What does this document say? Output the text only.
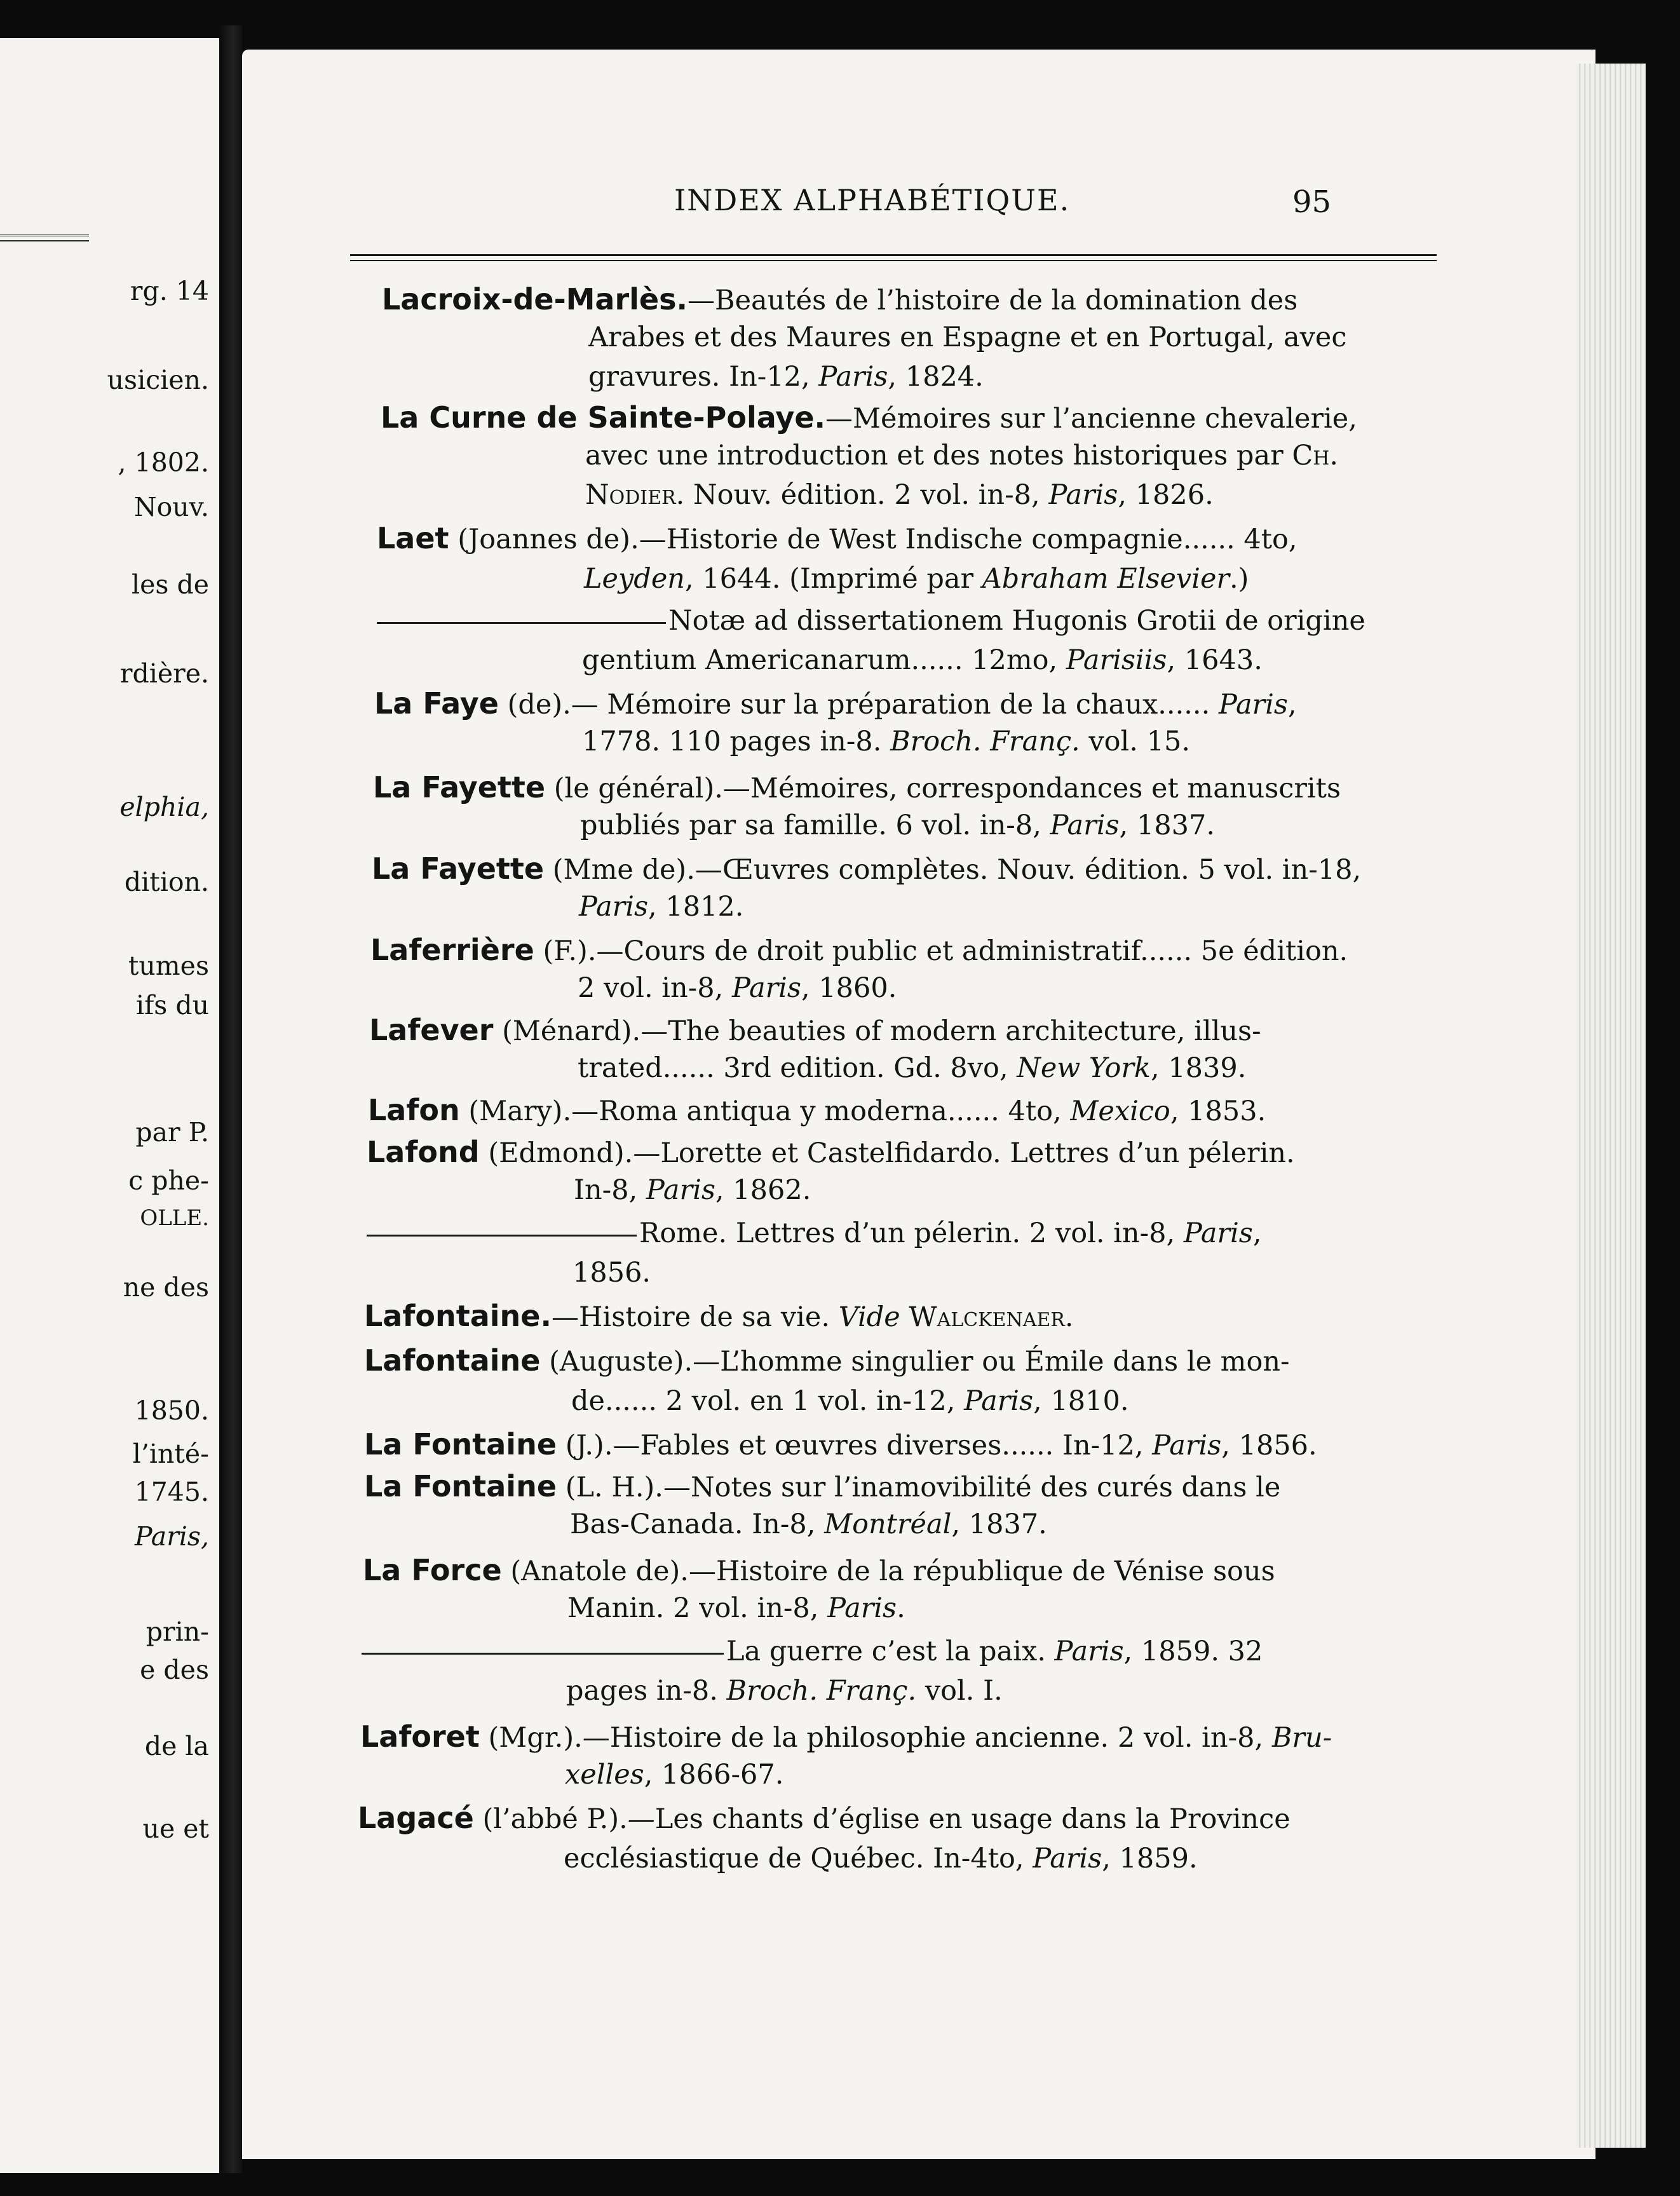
rg. 14
usicien.
, 1802.
Nouv.
les de
rdière.
elphia,
dition.
tumes
ifs du
par P.
c phe-
OLLE.
ne des
1850.
l’inté-
1745.
Paris,
prin-
e des
de la
ue et
INDEX ALPHABÉTIQUE.	95
Lacroix-de-Marlès.—Beautés de l’histoire de la domination des
Arabes et des Maures en Espagne et en Portugal, avec
gravures. In-12, Paris, 1824.
La Curne de Sainte-Polaye.—Mémoires sur l’ancienne chevalerie,
avec une introduction et des notes historiques par Ch.
Nodier. Nouv. édition. 2 vol. in-8, Paris, 1826.
Laet (Joannes de).—Historie de West Indische compagnie...... 4to,
Leyden, 1644. (Imprimé par Abraham Elsevier.)
Notæ ad dissertationem Hugonis Grotii de origine
gentium Americanarum...... 12mo, Parisiis, 1643.
La Faye (de).— Mémoire sur la préparation de la chaux...... Paris,
1778. 110 pages in-8. Broch. Franç. vol. 15.
La Fayette (le général).—Mémoires, correspondances et manuscrits
publiés par sa famille. 6 vol. in-8, Paris, 1837.
La Fayette (Mme de).—Œuvres complètes. Nouv. édition. 5 vol. in-18,
Paris, 1812.
Laferrière (F.).—Cours de droit public et administratif...... 5e édition.
2 vol. in-8, Paris, 1860.
Lafever (Ménard).—The beauties of modern architecture, illus-
trated...... 3rd edition. Gd. 8vo, New York, 1839.
Lafon (Mary).—Roma antiqua y moderna...... 4to, Mexico, 1853.
Lafond (Edmond).—Lorette et Castelfidardo. Lettres d’un pélerin.
In-8, Paris, 1862.
Rome. Lettres d’un pélerin. 2 vol. in-8, Paris,
1856.
Lafontaine.—Histoire de sa vie. Vide Walckenaer.
Lafontaine (Auguste).—L’homme singulier ou Émile dans le mon-
de...... 2 vol. en 1 vol. in-12, Paris, 1810.
La Fontaine (J.).—Fables et œuvres diverses...... In-12, Paris, 1856.
La Fontaine (L. H.).—Notes sur l’inamovibilité des curés dans le
Bas-Canada. In-8, Montréal, 1837.
La Force (Anatole de).—Histoire de la république de Vénise sous
Manin. 2 vol. in-8, Paris.
La guerre c’est la paix. Paris, 1859. 32
pages in-8. Broch. Franç. vol. I.
Laforet (Mgr.).—Histoire de la philosophie ancienne. 2 vol. in-8, Bru-
xelles, 1866-67.
Lagacé (l’abbé P.).—Les chants d’église en usage dans la Province
ecclésiastique de Québec. In-4to, Paris, 1859.
